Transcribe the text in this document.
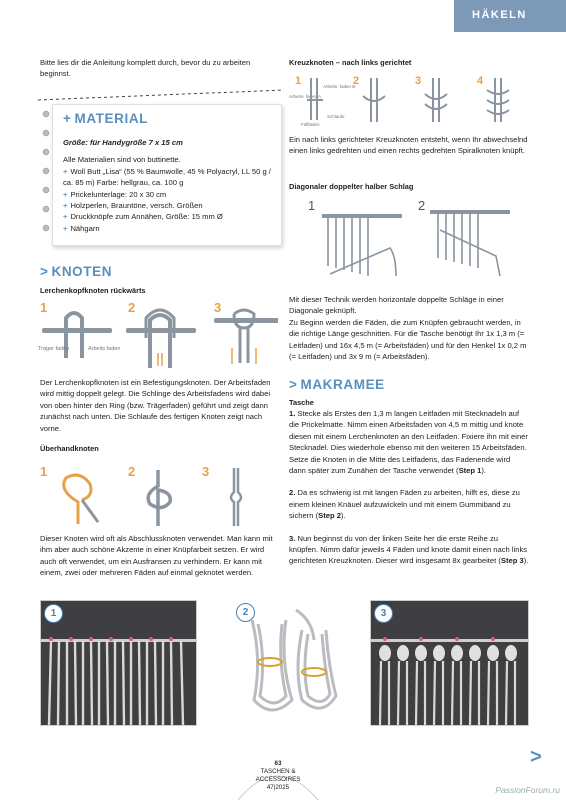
HÄKELN

Bitte lies dir die Anleitung komplett durch, bevor du zu arbeiten beginnst.

+ MATERIAL

Größe: für Handygröße 7 x 15 cm

Alle Materialien sind von buttinette.

+ Woll Butt „Lisa“ (55 % Baumwolle, 45 % Polyacryl, LL 50 g / ca. 85 m) Farbe: hellgrau, ca. 100 g

+ Prickelunterlage: 20 x 30 cm

+ Holzperlen, Brauntöne, versch. Größen

+ Druckknöpfe zum Annähen, Größe: 15 mm Ø

+ Nähgarn

> KNOTEN
Lerchenkopfknoten rückwärts
1	2	3
Träger faden	Arbeits faden

Der Lerchenkopfknoten ist ein Befestigungsknoten. Der Arbeitsfaden wird mittig doppelt gelegt. Die Schlinge des Arbeitsfadens wird dabei von oben hinter den Ring (bzw. Trägerfaden) geführt und zeigt dann zunächst nach unten. Die Schlaufe des fertigen Knoten zeigt nach vorne.

Überhandknoten
1	2	3

Dieser Knoten wird oft als Abschlussknoten verwendet. Man kann mit ihm aber auch schöne Akzente in einer Knüpfarbeit setzen. Er wird auch oft verwendet, um ein Ausfransen zu verhindern. Er kann mit einem, zwei oder mehreren Fäden auf einmal geknotet werden.

Kreuzknoten – nach links gerichtet
1	2	3	4
Arbeits- faden A
Arbeits- faden B
Füllfäden
Schlaufe

Ein nach links gerichteter Kreuzknoten entsteht, wenn Ihr abwechselnd einen links gedrehten und einen rechts gedrehten Spiralknoten knüpft.

Diagonaler doppelter halber Schlag
1	2

Mit dieser Technik werden horizontale doppelte Schläge in einer Diagonale geknüpft.

Zu Beginn werden die Fäden, die zum Knüpfen gebraucht werden, in die richtige Länge geschnitten. Für die Tasche benötigt Ihr 1x 1,3 m (= Leitfaden) und 16x 4,5 m (= Arbeitsfäden) und für den Henkel 1x 0,2 m (= Leitfaden) und 3x 9 m (= Arbeitsfäden).

> MAKRAMEE
Tasche

1. Stecke als Erstes den 1,3 m langen Leitfaden mit Stecknadeln auf die Prickelmatte. Nimm einen Arbeitsfaden von 4,5 m mittig und knote diesen mit einem Lerchenknoten an den Leitfaden. Fixiere ihn mit einer Stecknadel. Dies wiederhole ebenso mit den weiteren 15 Arbeitsfäden. Setze die Knoten in die Mitte des Leitfadens, das Fadenende wird dann später zum Zunähen der Tasche verwendet (Step 1).

2. Da es schwierig ist mit langen Fäden zu arbeiten, hilft es, diese zu einem kleinen Knäuel aufzuwickeln und mit einem Gummiband zu sichern (Step 2).

3. Nun beginnst du von der linken Seite her die erste Reihe zu knüpfen. Nimm dafür jeweils 4 Fäden und knote damit einen nach links gerichteten Kreuzknoten. Dieser wird insgesamt 8x gearbeitet (Step 3).

1	2	3
63
TASCHEN &
ACCESSOIRES
47|2025
>
PassionForum.ru
